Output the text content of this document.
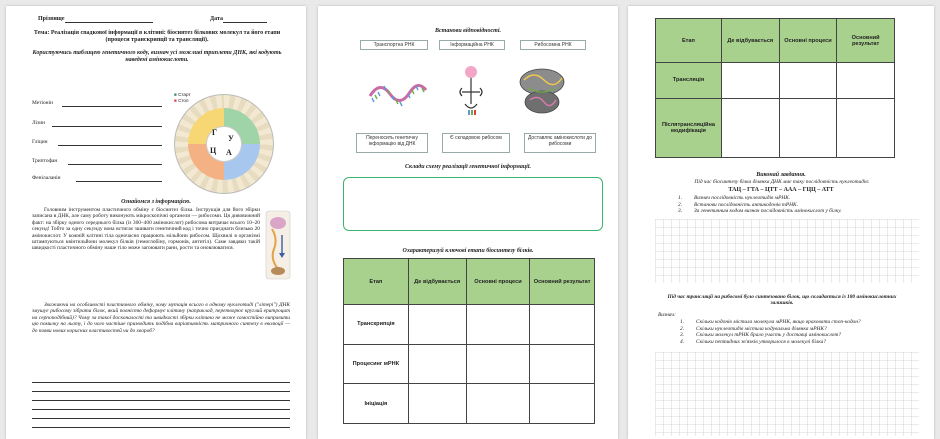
Прізвище	Дата
Тема: Реалізація спадкової інформації в клітині: біосинтез білкових молекул та його етапи (процеси транскрипції та трансляції).
Користуючись таблицею генетичного коду, визнач усі можливі триплети ДНК, які кодують наведені амінокислоти.
Метіонін
Лізин
Гліцин
Триптофан
Фенілаланін
Г
У
Ц А
■ Старт
■ Стоп
Ознайомся з інформацією.
Головним інструментом пластичного обміну є біосинтез білка. Інструкція для його збірки записана в ДНК, але саму роботу виконують мікроскопічні органели — рибосоми. Ця дивовижний факт: на збірку одного середнього білка (із 300–400 амінокислот) рибосома витрачає всього 10–20 секунд! Тобто за одну секунду вона встигає зшивати генетичний код і точно приєднати близько 20 амінокислот. У кожній клітині тіла одночасно працюють мільйони рибосом. Щохвилі в організмі штампуються квінтильйони молекул білків (гемоглобіну, гормонів, антитіл). Саме завдяки такій швидкості пластичного обміну наше тіло може загоювати рани, рости та оновлюватися.
Зважаючи на особливості пластичного обміну, чому мутація всього в одному нуклеотиді ("літері") ДНК змушує рибосому зібрати білок, який повністю деформує клітину (наприклад, перетворює круглий еритроцит на серпоподібний)? Чому за такої досконалості та швидкості збірки клітина не може самостійно виправити цю помилку на льоту, і до чого частіше призводить подібна варіативність матричного синтезу в еволюції — до появи нових корисних властивостей чи до хвороб?
Встанови відповідності.
Транспортна РНК	Інформаційна РНК	Рибосомна РНК
Переносить генетичну інформацію від ДНК
Є складовою рибосом	Доставляє амінокислоти до рибосоми
Склади схему реалізації генетичної інформації.
Охарактеризуй ключові етапи біосинтезу білків.
Етап	Де відбувається	Основні процеси	Основний результат
Транскрипція			
Процесинг мРНК			
Ініціація			
Етап	Де відбувається	Основні процеси	Основний результат
Трансляція			
Післятрансляційна модифікація			
Виконай завдання.
Під час біосинтезу білка ділянка ДНК має таку послідовність нуклеотидів:
ТАЦ – ГТА – ЦТТ – ААА – ГЦЦ – АТТ
1. Визнач послідовність нуклеотидів мРНК.
2. Встанови послідовність антикодонів тРНК.
3. За генетичним кодом визнач послідовність амінокислот у білку.
Під час трансляції на рибосомі було синтезовано білок, що складається із 180 амінокислотних залишків.
Визнач:
1. Скільки кодонів містила молекула мРНК, якщо враховати стоп-кодон?
2. Скільки нуклеотидів містила кодувальна ділянка мРНК?
3. Скільки молекул тРНК брало участь у доставці амінокислот?
4. Скільки пептидних зв'язків утворилося в молекулі білка?
